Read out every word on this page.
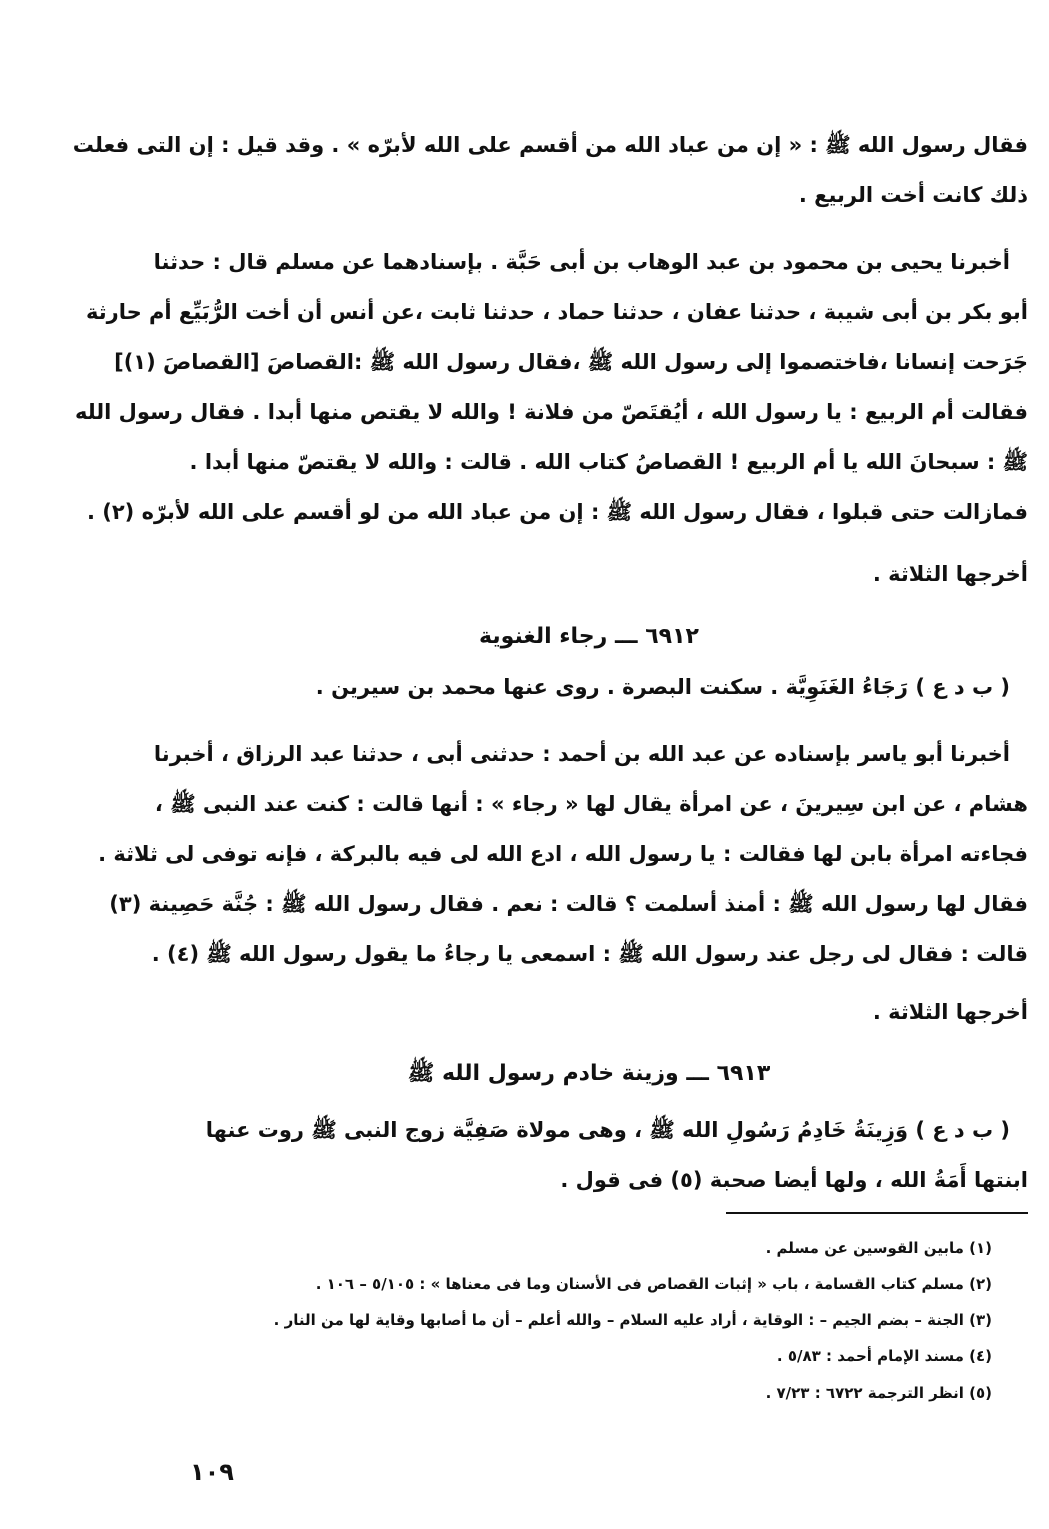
فقال رسول الله ﷺ : « إن من عباد الله من أقسم على الله لأبرّه » . وقد قيل : إن التى فعلت
ذلك كانت أخت الربيع .
أخبرنا يحيى بن محمود بن عبد الوهاب بن أبى حَبَّة . بإسنادهما عن مسلم قال : حدثنا
أبو بكر بن أبى شيبة ، حدثنا عفان ، حدثنا حماد ، حدثنا ثابت ،عن أنس أن أخت الرُّبَيِّع أم حارثة
جَرَحت إنسانا ،فاختصموا إلى رسول الله ﷺ ،فقال رسول الله ﷺ :القصاصَ [القصاصَ (١)]
فقالت أم الربيع : يا رسول الله ، أيُقتَصّ من فلانة ! والله لا يقتص منها أبدا . فقال رسول الله
ﷺ : سبحانَ الله يا أم الربيع ! القصاصُ كتاب الله . قالت : والله لا يقتصّ منها أبدا .
فمازالت حتى قبلوا ، فقال رسول الله ﷺ : إن من عباد الله من لو أقسم على الله لأبرّه (٢) .
أخرجها الثلاثة .
٦٩١٢ ـــ رجاء الغنوية
( ب د ع ) رَجَاءُ الغَنَوِيَّة . سكنت البصرة . روى عنها محمد بن سيرين .
أخبرنا أبو ياسر بإسناده عن عبد الله بن أحمد : حدثنى أبى ، حدثنا عبد الرزاق ، أخبرنا
هشام ، عن ابن سِيرينَ ، عن امرأة يقال لها « رجاء » : أنها قالت : كنت عند النبى ﷺ ،
فجاءته امرأة بابن لها فقالت : يا رسول الله ، ادع الله لى فيه بالبركة ، فإنه توفى لى ثلاثة .
فقال لها رسول الله ﷺ : أمنذ أسلمت ؟ قالت : نعم . فقال رسول الله ﷺ : جُنَّة حَصِينة (٣)
قالت : فقال لى رجل عند رسول الله ﷺ : اسمعى يا رجاءُ ما يقول رسول الله ﷺ (٤) .
أخرجها الثلاثة .
٦٩١٣ ـــ وزينة خادم رسول الله ﷺ
( ب د ع ) وَزِينَةُ خَادِمُ رَسُولِ الله ﷺ ، وهى مولاة صَفِيَّة زوج النبى ﷺ روت عنها
ابنتها أَمَةُ الله ، ولها أيضا صحبة (٥) فى قول .
(١) مابين القوسين عن مسلم .
(٢) مسلم كتاب القسامة ، باب « إثبات القصاص فى الأسنان وما فى معناها » : ٥/١٠٥ – ١٠٦ .
(٣) الجنة – بضم الجيم – : الوقاية ، أراد عليه السلام – والله أعلم – أن ما أصابها وقاية لها من النار .
(٤) مسند الإمام أحمد : ٥/٨٣ .
(٥) انظر الترجمة ٦٧٢٢ : ٧/٢٣ .
١٠٩
